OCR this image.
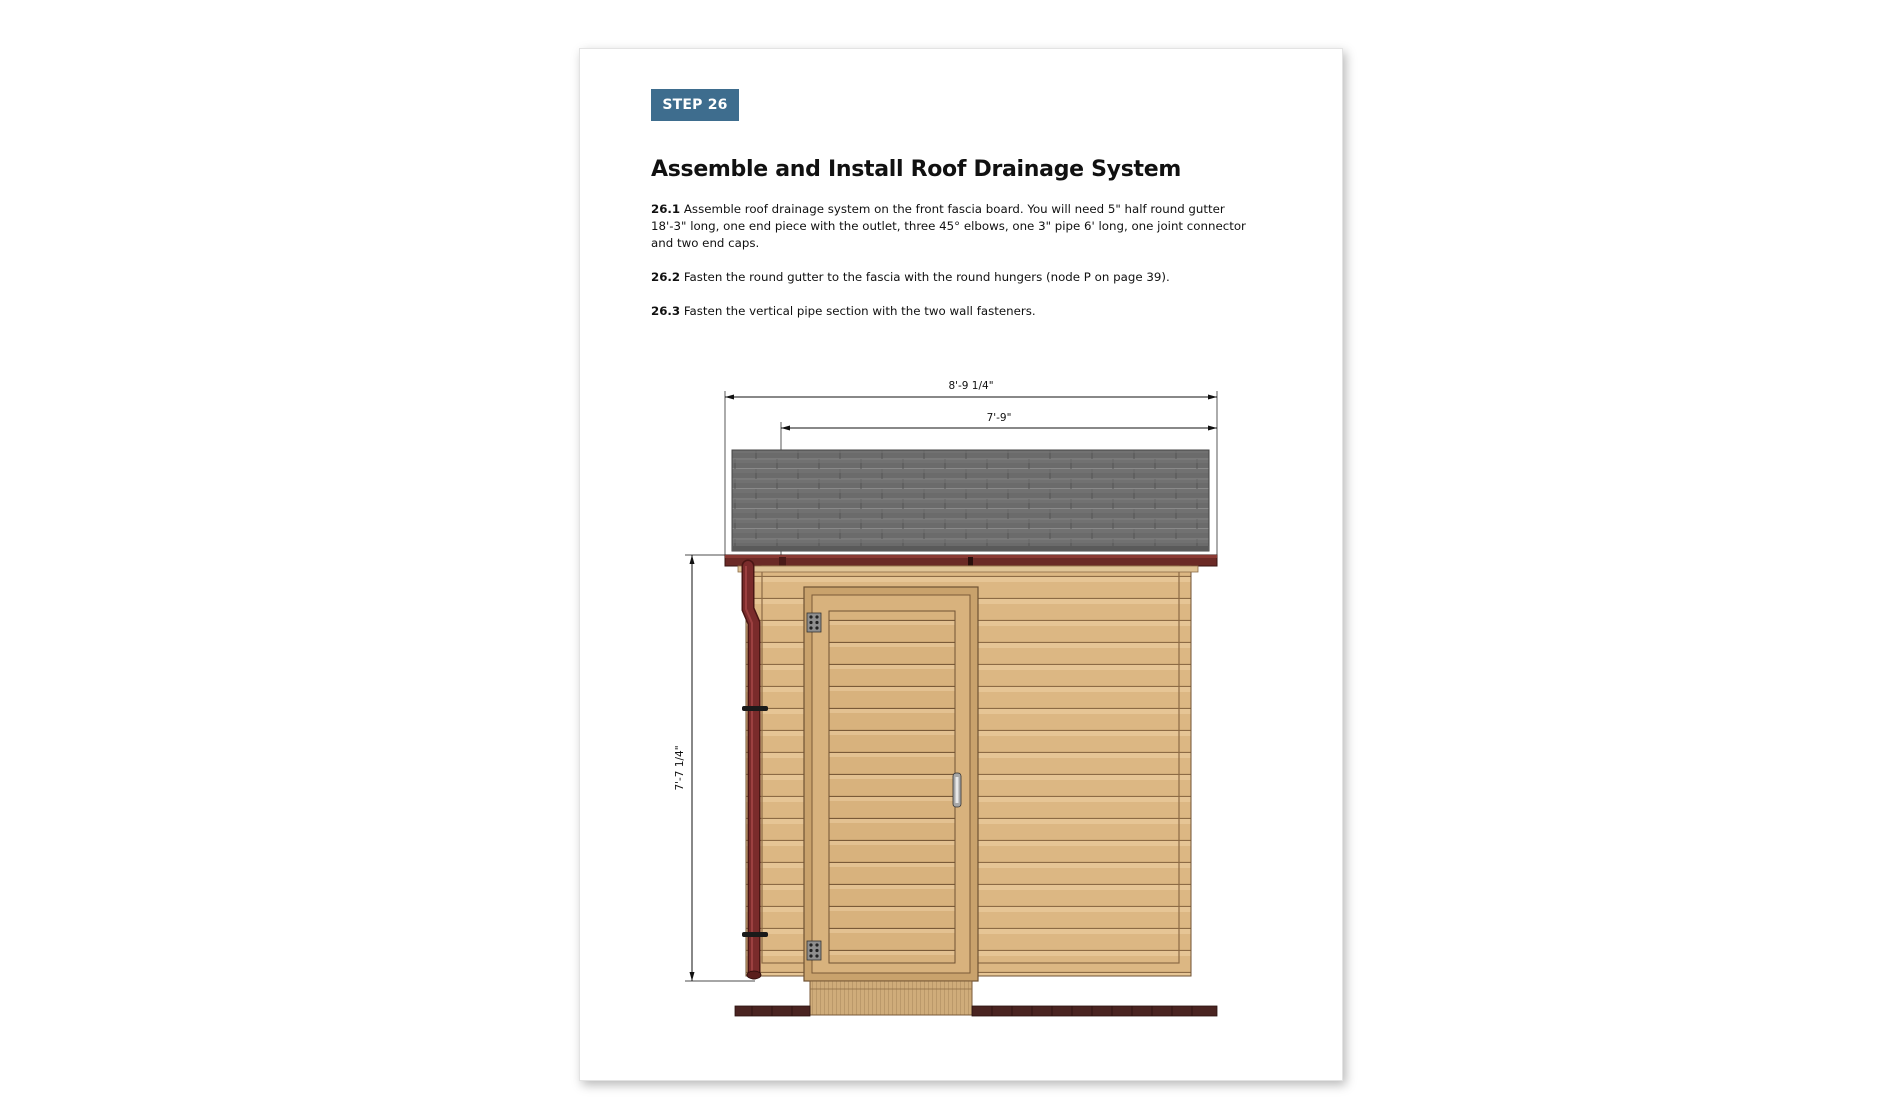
STEP 26
Assemble and Install Roof Drainage System
26.1 Assemble roof drainage system on the front fascia board. You will need 5" half round gutter 18'-3" long, one end piece with the outlet, three 45° elbows, one 3" pipe 6' long, one joint connector and two end caps.
26.2 Fasten the round gutter to the fascia with the round hungers (node P on page 39).
26.3 Fasten the vertical pipe section with the two wall fasteners.
8'-9 1/4"
7'-9"
7'-7 1/4"
